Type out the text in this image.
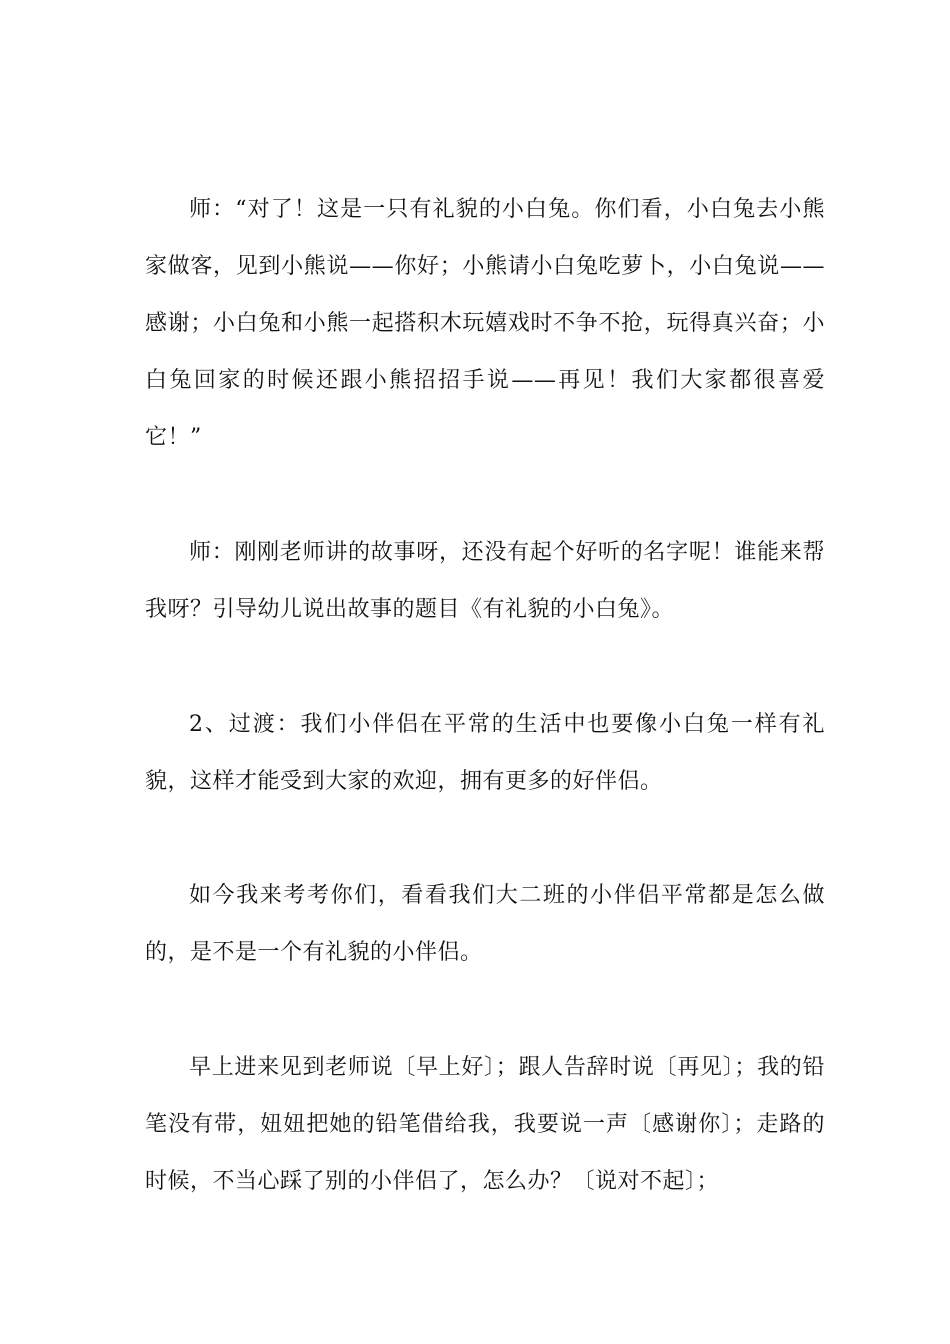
师：“对了！这是一只有礼貌的小白兔。你们看，小白兔去小熊家做客，见到小熊说——你好；小熊请小白兔吃萝卜，小白兔说——感谢；小白兔和小熊一起搭积木玩嬉戏时不争不抢，玩得真兴奋；小白兔回家的时候还跟小熊招招手说——再见！我们大家都很喜爱它！”

师：刚刚老师讲的故事呀，还没有起个好听的名字呢！谁能来帮我呀？引导幼儿说出故事的题目《有礼貌的小白兔》。

2、过渡：我们小伴侣在平常的生活中也要像小白兔一样有礼貌，这样才能受到大家的欢迎，拥有更多的好伴侣。

如今我来考考你们，看看我们大二班的小伴侣平常都是怎么做的，是不是一个有礼貌的小伴侣。

早上进来见到老师说〔早上好〕；跟人告辞时说〔再见〕；我的铅笔没有带，妞妞把她的铅笔借给我，我要说一声〔感谢你〕；走路的时候，不当心踩了别的小伴侣了，怎么办？〔说对不起〕；
